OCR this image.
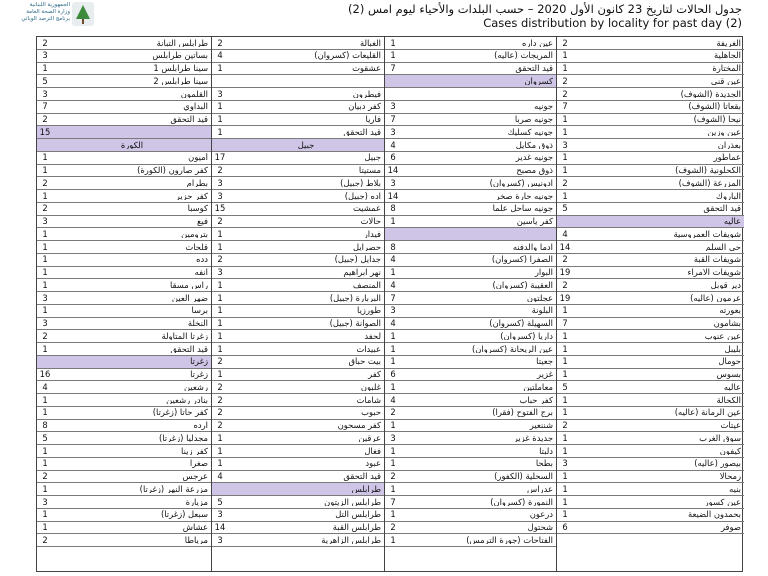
الجمهورية اللبنانية
وزارة الصحة العامة
برنامج الترصد الوبائي
جدول الحالات لتاريخ 23 كانون الأول 2020 – حسب البلدات والأحياء ليوم امس (2)
Cases distribution by locality for past day (2)
2	طرابلس التبانة
3	بساتين طرابلس
1	سينا طرابلس 1
5	سينا طرابلس 2
3	القلمون
7	البداوي
2	قيد التحقق
15
الكورة
1	أميون
1	كفر صارون (الكورة)
2	بطرام
1	كفر حزير
2	كوسبا
3	فيع
1	بترومين
1	قلحات
1	دده
1	انفه
1	راس مسقا
3	ضهر العين
1	برسا
3	النخلة
2	زغرتا المتاولة
1	قيد التحقق
زغرتا
16	زغرتا
4	رشعين
1	بنادر رشعين
1	كفر حاتا (زغرتا)
8	ارده
5	مجدليا (زغرتا)
1	كفر زينا
1	صغرا
2	عرجس
1	مزرعة النهر (زغرتا)
3	مزيارة
1	سبعل (زغرتا)
1	عشاش
2	مرياطا
2	الغبالة
4	القليعات (كسروان)
1	عشقوت
3	فيطرون
1	كفر دبيان
1	فاريا
1	قيد التحقق
جبيل
17	جبيل
2	مستيتا
3	بلاط (جبيل)
3	اده (جبيل)
15	عمشيت
2	حالات
1	فيدار
1	حصرايل
2	جدايل (جبيل)
3	نهر ابراهيم
1	المنصف
1	البربارة (جبيل)
1	طورزيا
1	الصوانة (جبيل)
1	لحفد
1	عبيدات
2	بيت حباق
1	كفر
2	غلبون
2	شامات
2	حبوب
2	كفر مسحون
1	عرقين
1	فغال
1	عبود
4	قيد التحقق
طرابلس
5	طرابلس الزيتون
3	طرابلس التل
14	طرابلس القبة
3	طرابلس الزاهرية
1	عين داره
1	المريجات (عاليه)
7	قيد التحقق
كسروان
3	جونيه
7	جونيه صربا
3	جونيه كسليك
4	ذوق مكايل
6	جونيه غدير
14	ذوق مصبح
3	ادونيس (كسروان)
14	جونيه حارة صخر
8	جونيه ساحل علما
1	كفر ياسين
8	ادما والدفنه
4	الصفرا (كسروان)
1	البوار
4	العقيبة (كسروان)
7	عجلتون
3	البلونة
4	السهيلة (كسروان)
1	داريا (كسروان)
1	عين الريحانة (كسروان)
1	جعيتا
6	غزير
1	معاملتين
4	كفر حباب
2	برج الفتوح (فقرا)
1	شننعير
3	جديدة غزير
1	دلبتا
1	بطحا
2	السحلية (الكفور)
1	عدراس
7	النمورة (كسروان)
1	درعون
2	شحتول
1	الفتاحات (جورة الترمس)
2	الغريفة
1	الجاهلية
1	المختارة
2	عين قني
2	الجديدة (الشوف)
7	بقعاتا (الشوف)
1	نيحا (الشوف)
1	عين وزين
3	بعذران
1	عماطور
1	الكحلونية (الشوف)
2	المزرعة (الشوف)
1	الباروك
5	قيد التحقق
عاليه
4	شويفات العمروسية
14	حي السلم
2	شويفات القبة
19	شويفات الامراء
2	دير قوبل
19	عرمون (عاليه)
1	بعورته
7	بشامون
1	عين عنوب
1	بليبل
1	حومال
1	بسوس
5	عاليه
1	الكحالة
1	عين الرمانة (عاليه)
2	عيتات
1	سوق الغرب
1	كيفون
3	بيصور (عاليه)
1	رمحالا
1	بنيه
1	عين كسور
1	بحمدون الضيعة
6	صوفر
